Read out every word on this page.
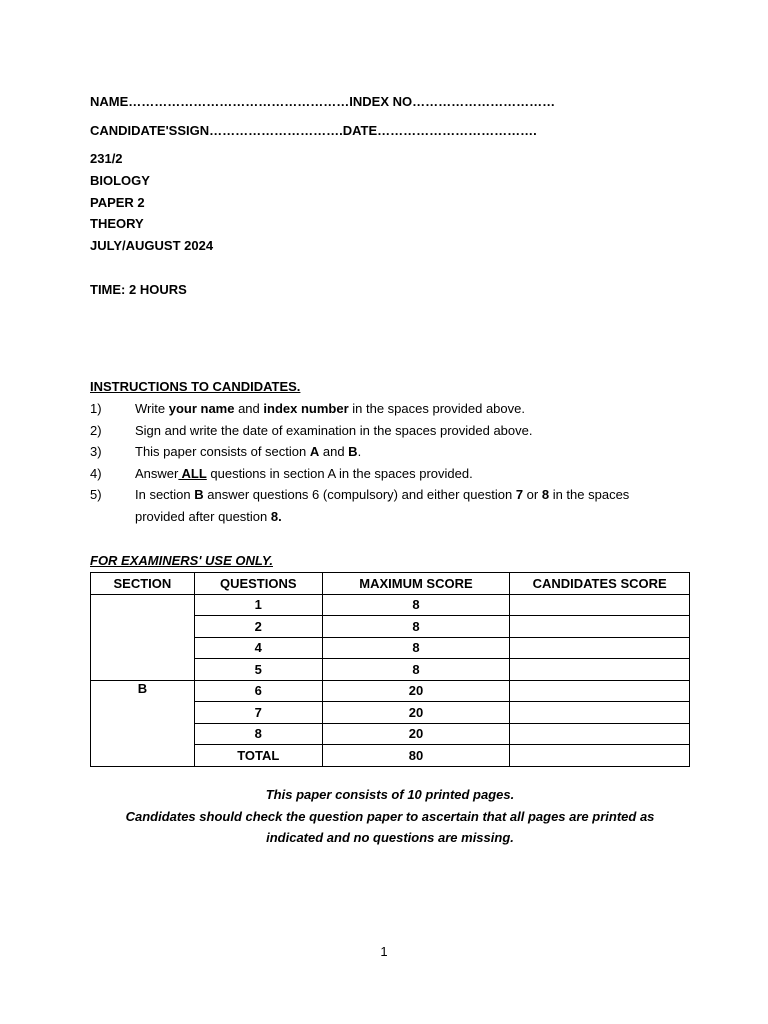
NAME……………………………………………INDEX NO……………………………
CANDIDATE'SSIGN………………………….DATE……………………………….
231/2
BIOLOGY
PAPER 2
THEORY
JULY/AUGUST 2024
TIME: 2 HOURS
INSTRUCTIONS TO CANDIDATES.
1)	Write your name and index number in the spaces provided above.
2)	Sign and write the date of examination in the spaces provided above.
3)	This paper consists of section A and B.
4)	Answer ALL questions in section A in the spaces provided.
5)	In section B answer questions 6 (compulsory) and either question 7 or 8 in the spaces
provided after question 8.
FOR EXAMINERS' USE ONLY.
SECTION	QUESTIONS	MAXIMUM SCORE	CANDIDATES SCORE
	1	8	
	2	8	
	4	8	
	5	8	
B	6	20	
	7	20	
	8	20	
	TOTAL	80	
This paper consists of 10 printed pages.
Candidates should check the question paper to ascertain that all pages are printed as
indicated and no questions are missing.
1
